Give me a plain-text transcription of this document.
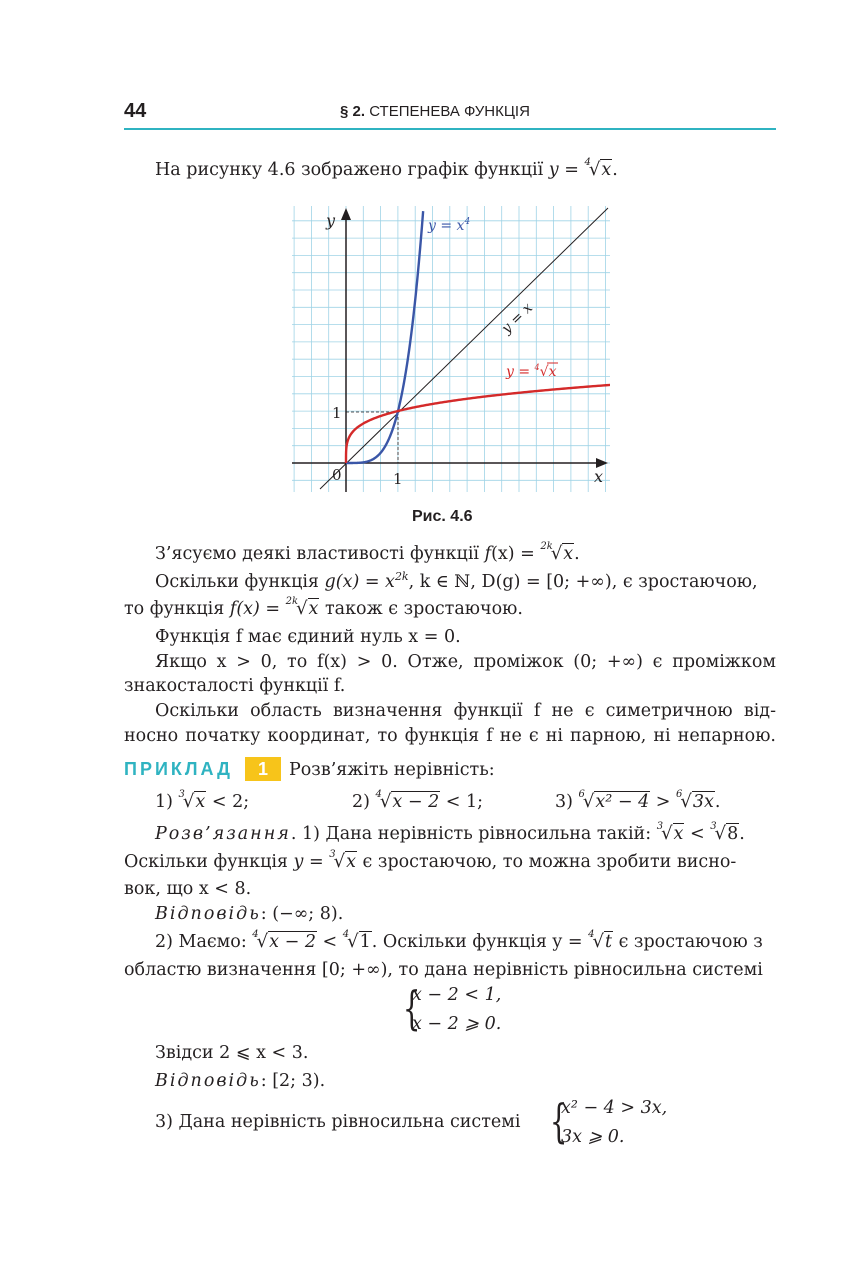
44	§ 2. СТЕПЕНЕВА ФУНКЦІЯ
На рисунку 4.6 зображено графік функції y = $^4$√x.
y
x
0	1
1
$y = x^4$
y = x
y = $^4$√x
Рис. 4.6
З’ясуємо деякі властивості функції f(x) = $^{2k}$√x.
Оскільки функція $g(x) = x^{2k}$, k ∈ ℕ, D(g) = [0; +∞), є зростаючою,
то функція f(x) = $^{2k}$√x також є зростаючою.
Функція f має єдиний нуль x = 0.
Якщо x > 0, то f(x) > 0. Отже, проміжок (0; +∞) є проміжком
знакосталості функції f.
Оскільки область визначення функції f не є симетричною від-
носно початку координат, то функція f не є ні парною, ні непарною.
ПРИКЛАД	1	Розв’яжіть нерівність:
1) $^3$√x < 2;	2) $^4$√x − 2 < 1;	3) $^6$√x² − 4 > $^6$√3x.
Розв’язання. 1) Дана нерівність рівносильна такій: $^3$√x < $^3$√8.
Оскільки функція y = $^3$√x є зростаючою, то можна зробити висно-
вок, що x < 8.
Відповідь: (−∞; 8).
2) Маємо: $^4$√x − 2 < $^4$√1. Оскільки функція y = $^4$√t є зростаючою з
областю визначення [0; +∞), то дана нерівність рівносильна системі
{
x − 2 < 1,
x − 2 ⩾ 0.
Звідси 2 ⩽ x < 3.
Відповідь: [2; 3).
3) Дана нерівність рівносильна системі {
x² − 4 > 3x,
3x ⩾ 0.
